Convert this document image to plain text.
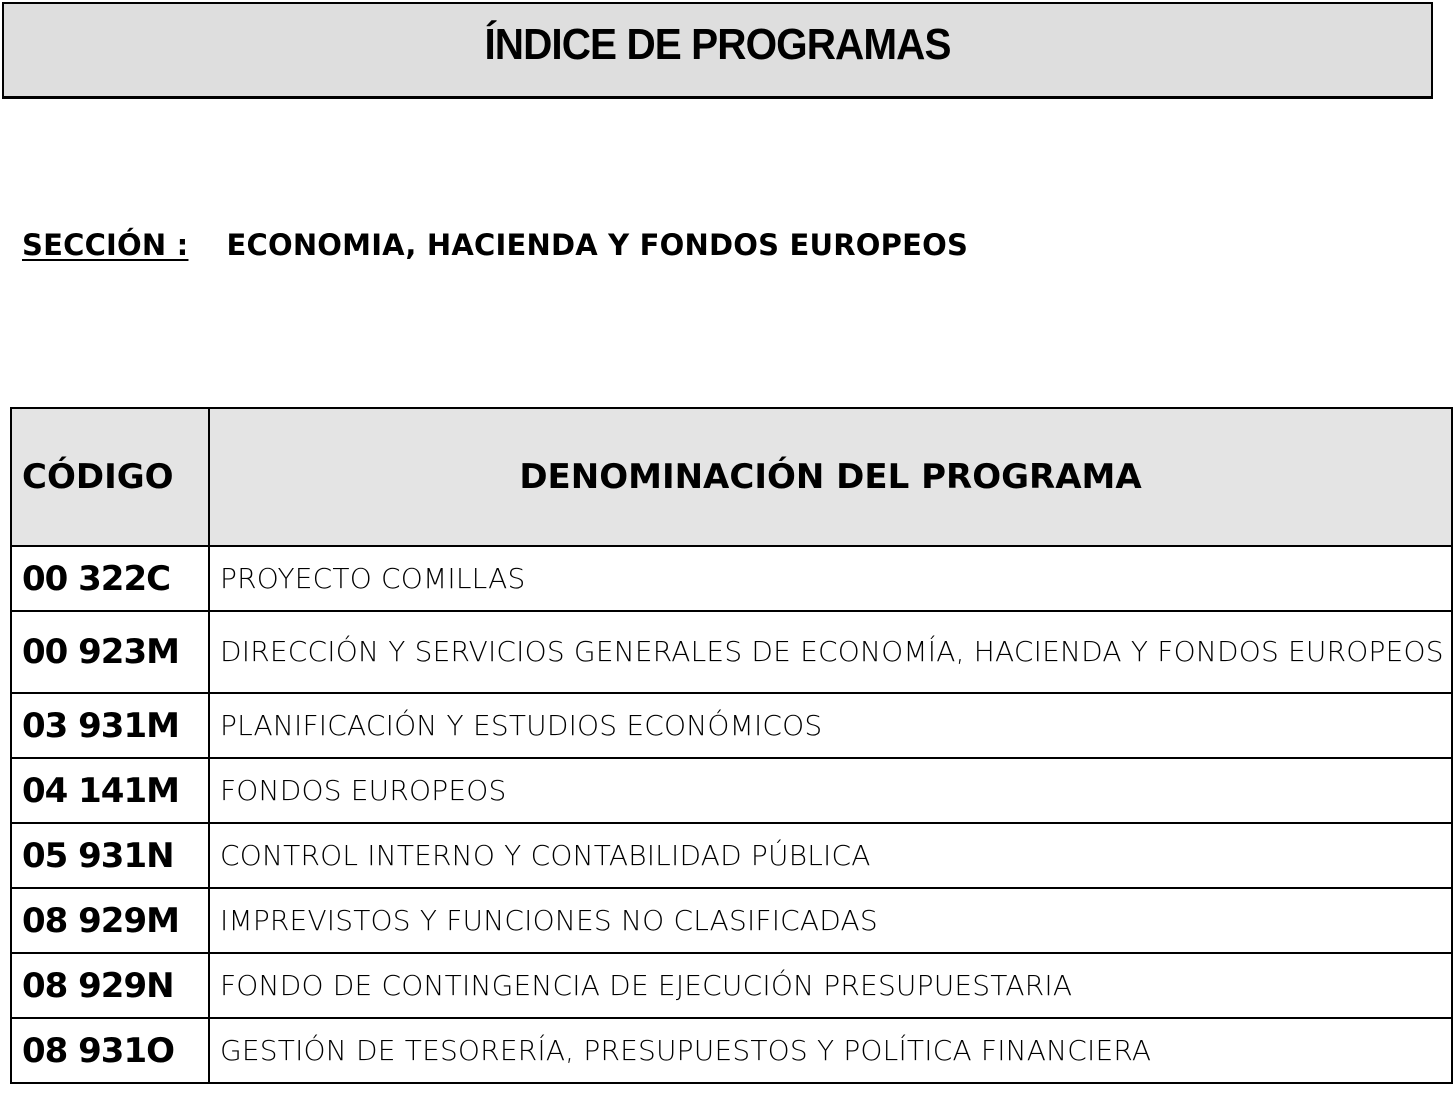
ÍNDICE DE PROGRAMAS
SECCIÓN : ECONOMIA, HACIENDA Y FONDOS EUROPEOS
CÓDIGO	DENOMINACIÓN DEL PROGRAMA
00 322C	PROYECTO COMILLAS
00 923M	DIRECCIÓN Y SERVICIOS GENERALES DE ECONOMÍA, HACIENDA Y FONDOS EUROPEOS
03 931M	PLANIFICACIÓN Y ESTUDIOS ECONÓMICOS
04 141M	FONDOS EUROPEOS
05 931N	CONTROL INTERNO Y CONTABILIDAD PÚBLICA
08 929M	IMPREVISTOS Y FUNCIONES NO CLASIFICADAS
08 929N	FONDO DE CONTINGENCIA DE EJECUCIÓN PRESUPUESTARIA
08 931O	GESTIÓN DE TESORERÍA, PRESUPUESTOS Y POLÍTICA FINANCIERA
